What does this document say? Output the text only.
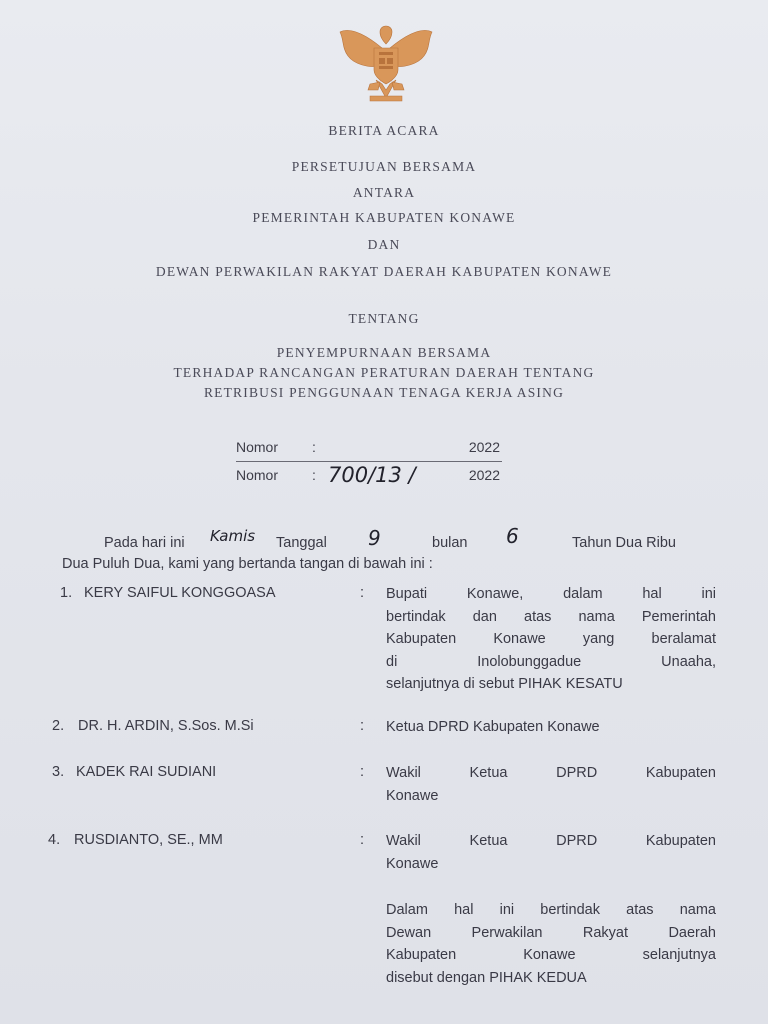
BERITA ACARA
PERSETUJUAN BERSAMA
ANTARA
PEMERINTAH KABUPATEN KONAWE
DAN
DEWAN PERWAKILAN RAKYAT DAERAH KABUPATEN KONAWE
TENTANG
PENYEMPURNAAN BERSAMA
TERHADAP RANCANGAN PERATURAN DAERAH TENTANG
RETRIBUSI PENGGUNAAN TENAGA KERJA ASING
Nomor :	2022
Nomor : 700/13 /	2022
Pada hari ini Kamis Tanggal 9	bulan 6	Tahun Dua Ribu
Dua Puluh Dua, kami yang bertanda tangan di bawah ini :
1. KERY SAIFUL KONGGOASA	: Bupati Konawe, dalam hal ini
bertindak dan atas nama Pemerintah
Kabupaten Konawe yang beralamat
di Inolobunggadue Unaaha,
selanjutnya di sebut PIHAK KESATU
2. DR. H. ARDIN, S.Sos. M.Si	: Ketua DPRD Kabupaten Konawe
3. KADEK RAI SUDIANI	: Wakil Ketua DPRD Kabupaten
Konawe
4. RUSDIANTO, SE., MM	: Wakil Ketua DPRD Kabupaten
Konawe
Dalam hal ini bertindak atas nama
Dewan Perwakilan Rakyat Daerah
Kabupaten Konawe selanjutnya
disebut dengan PIHAK KEDUA
